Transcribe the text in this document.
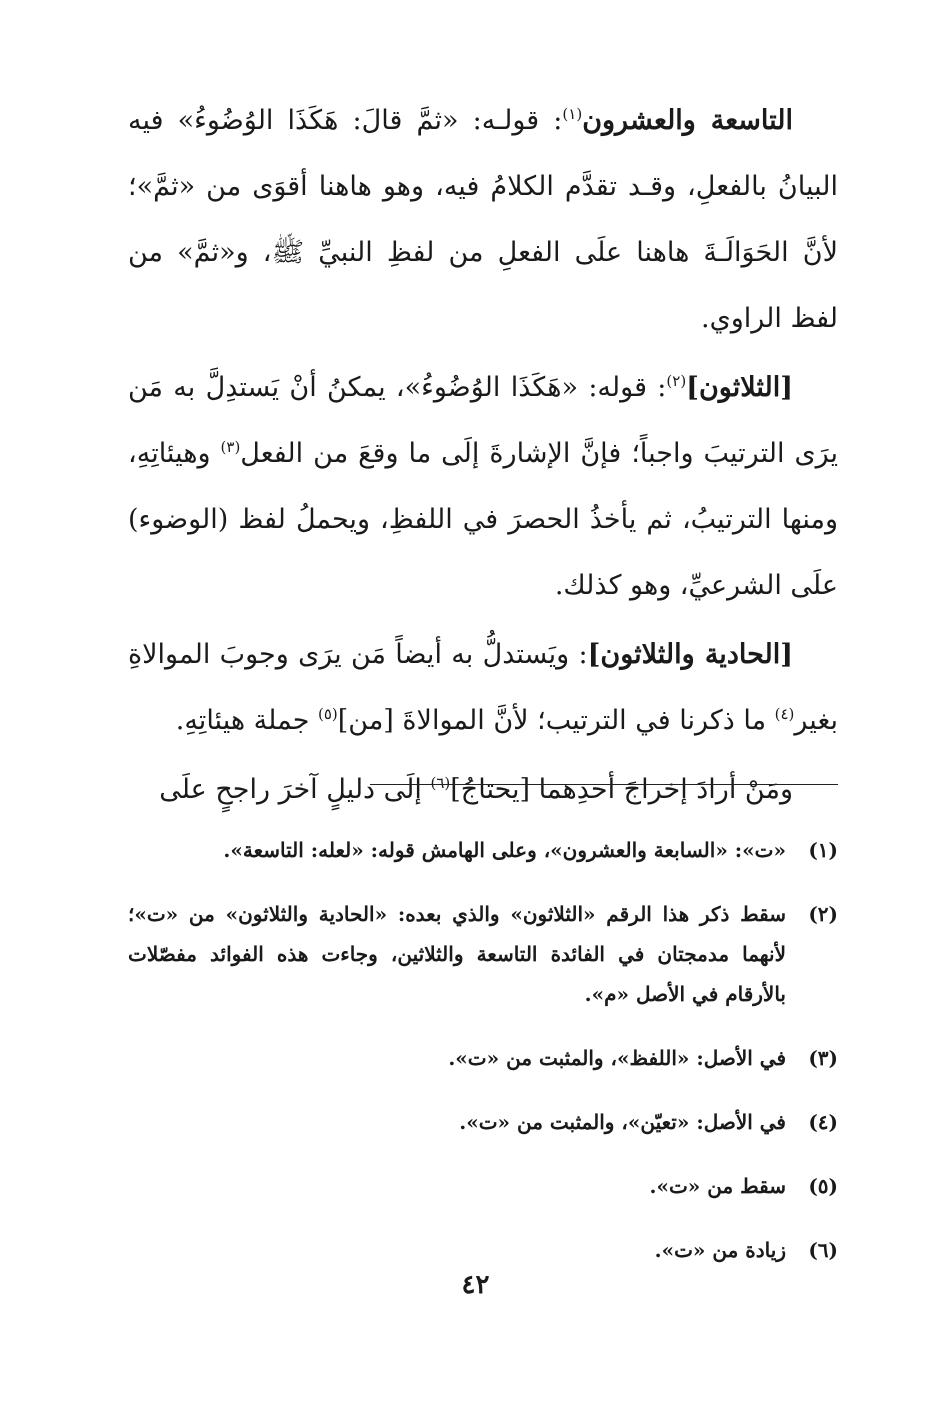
التاسعة والعشرون$^{(١)}$: قولـه: «ثمَّ قالَ: هَكَذَا الوُضُوءُ» فيه البيانُ بالفعلِ، وقـد تقدَّم الكلامُ فيه، وهو هاهنا أقوَى من «ثمَّ»؛ لأنَّ الحَوَالَـةَ هاهنا علَى الفعلِ من لفظِ النبيِّ ﷺ، و«ثمَّ» من لفظ الراوي.

[الثلاثون]$^{(٢)}$: قوله: «هَكَذَا الوُضُوءُ»، يمكنُ أنْ يَستدِلَّ به مَن يرَى الترتيبَ واجباً؛ فإنَّ الإشارةَ إلَى ما وقعَ من الفعل$^{(٣)}$ وهيئاتِهِ، ومنها الترتيبُ، ثم يأخذُ الحصرَ في اللفظِ، ويحملُ لفظ (الوضوء) علَى الشرعيِّ، وهو كذلك.

[الحادية والثلاثون]: ويَستدلُّ به أيضاً مَن يرَى وجوبَ الموالاةِ بغير$^{(٤)}$ ما ذكرنا في الترتيب؛ لأنَّ الموالاةَ [من]$^{(٥)}$ جملة هيئاتِهِ.

ومَنْ أرادَ إخراجَ أحدِهما [يحتاجُ]$^{(٦)}$ إلَى دليلٍ آخرَ راجحٍ علَى

(١)
«ت»: «السابعة والعشرون»، وعلى الهامش قوله: «لعله: التاسعة».
(٢)
سقط ذكر هذا الرقم «الثلاثون» والذي بعده: «الحادية والثلاثون» من «ت»؛ لأنهما مدمجتان في الفائدة التاسعة والثلاثين، وجاءت هذه الفوائد مفصّلات بالأرقام في الأصل «م».
(٣)
في الأصل: «اللفظ»، والمثبت من «ت».
(٤)
في الأصل: «تعيّن»، والمثبت من «ت».
(٥)
سقط من «ت».
(٦)
زيادة من «ت».
٤٢
